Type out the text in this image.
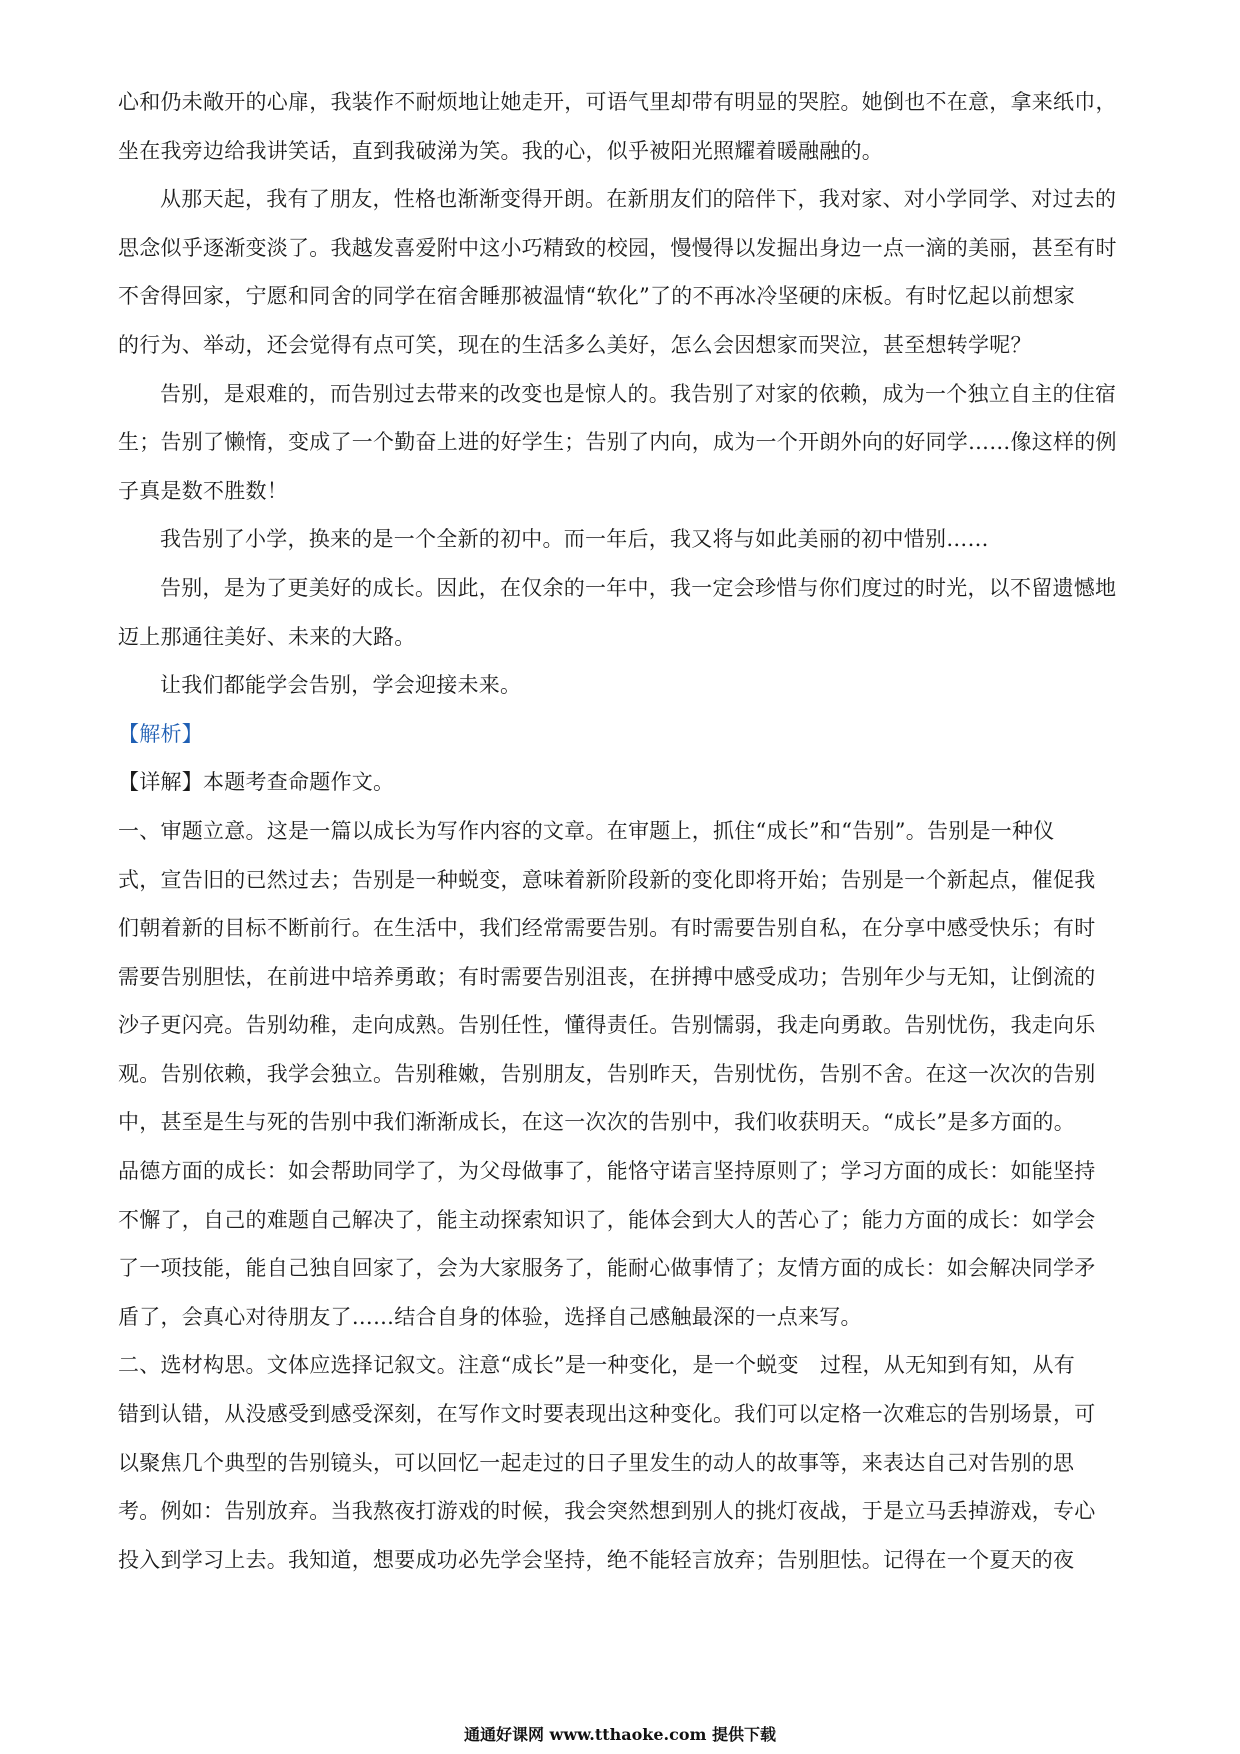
心和仍未敞开的心扉，我装作不耐烦地让她走开，可语气里却带有明显的哭腔。她倒也不在意，拿来纸巾，
坐在我旁边给我讲笑话，直到我破涕为笑。我的心，似乎被阳光照耀着暖融融的。
从那天起，我有了朋友，性格也渐渐变得开朗。在新朋友们的陪伴下，我对家、对小学同学、对过去的
思念似乎逐渐变淡了。我越发喜爱附中这小巧精致的校园，慢慢得以发掘出身边一点一滴的美丽，甚至有时
不舍得回家，宁愿和同舍的同学在宿舍睡那被温情“软化”了的不再冰冷坚硬的床板。有时忆起以前想家
的行为、举动，还会觉得有点可笑，现在的生活多么美好，怎么会因想家而哭泣，甚至想转学呢？
告别，是艰难的，而告别过去带来的改变也是惊人的。我告别了对家的依赖，成为一个独立自主的住宿
生；告别了懒惰，变成了一个勤奋上进的好学生；告别了内向，成为一个开朗外向的好同学……像这样的例
子真是数不胜数！
我告别了小学，换来的是一个全新的初中。而一年后，我又将与如此美丽的初中惜别……
告别，是为了更美好的成长。因此，在仅余的一年中，我一定会珍惜与你们度过的时光，以不留遗憾地
迈上那通往美好、未来的大路。
让我们都能学会告别，学会迎接未来。
【解析】
【详解】本题考查命题作文。
一、审题立意。这是一篇以成长为写作内容的文章。在审题上，抓住“成长”和“告别”。告别是一种仪
式，宣告旧的已然过去；告别是一种蜕变，意味着新阶段新的变化即将开始；告别是一个新起点，催促我
们朝着新的目标不断前行。在生活中，我们经常需要告别。有时需要告别自私，在分享中感受快乐；有时
需要告别胆怯，在前进中培养勇敢；有时需要告别沮丧，在拼搏中感受成功；告别年少与无知，让倒流的
沙子更闪亮。告别幼稚，走向成熟。告别任性，懂得责任。告别懦弱，我走向勇敢。告别忧伤，我走向乐
观。告别依赖，我学会独立。告别稚嫩，告别朋友，告别昨天，告别忧伤，告别不舍。在这一次次的告别
中，甚至是生与死的告别中我们渐渐成长，在这一次次的告别中，我们收获明天。“成长”是多方面的。
品德方面的成长：如会帮助同学了，为父母做事了，能恪守诺言坚持原则了；学习方面的成长：如能坚持
不懈了，自己的难题自己解决了，能主动探索知识了，能体会到大人的苦心了；能力方面的成长：如学会
了一项技能，能自己独自回家了，会为大家服务了，能耐心做事情了；友情方面的成长：如会解决同学矛
盾了，会真心对待朋友了……结合自身的体验，选择自己感触最深的一点来写。
二、选材构思。文体应选择记叙文。注意“成长”是一种变化，是一个蜕变　过程，从无知到有知，从有
错到认错，从没感受到感受深刻，在写作文时要表现出这种变化。我们可以定格一次难忘的告别场景，可
以聚焦几个典型的告别镜头，可以回忆一起走过的日子里发生的动人的故事等，来表达自己对告别的思
考。例如：告别放弃。当我熬夜打游戏的时候，我会突然想到别人的挑灯夜战，于是立马丢掉游戏，专心
投入到学习上去。我知道，想要成功必先学会坚持，绝不能轻言放弃；告别胆怯。记得在一个夏天的夜
通通好课网 www.tthaoke.com 提供下载
